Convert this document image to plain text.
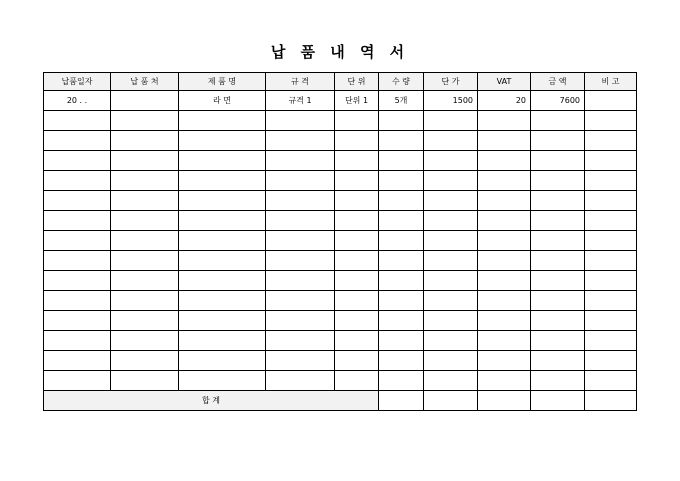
납 품 내 역 서
납품일자	납 품 처	제 품 명	규 격	단 위	수 량	단 가	VAT	금 액	비 고
20 . .		라 면	규격 1	단위 1	5개	1500	20	7600	

합 계									
